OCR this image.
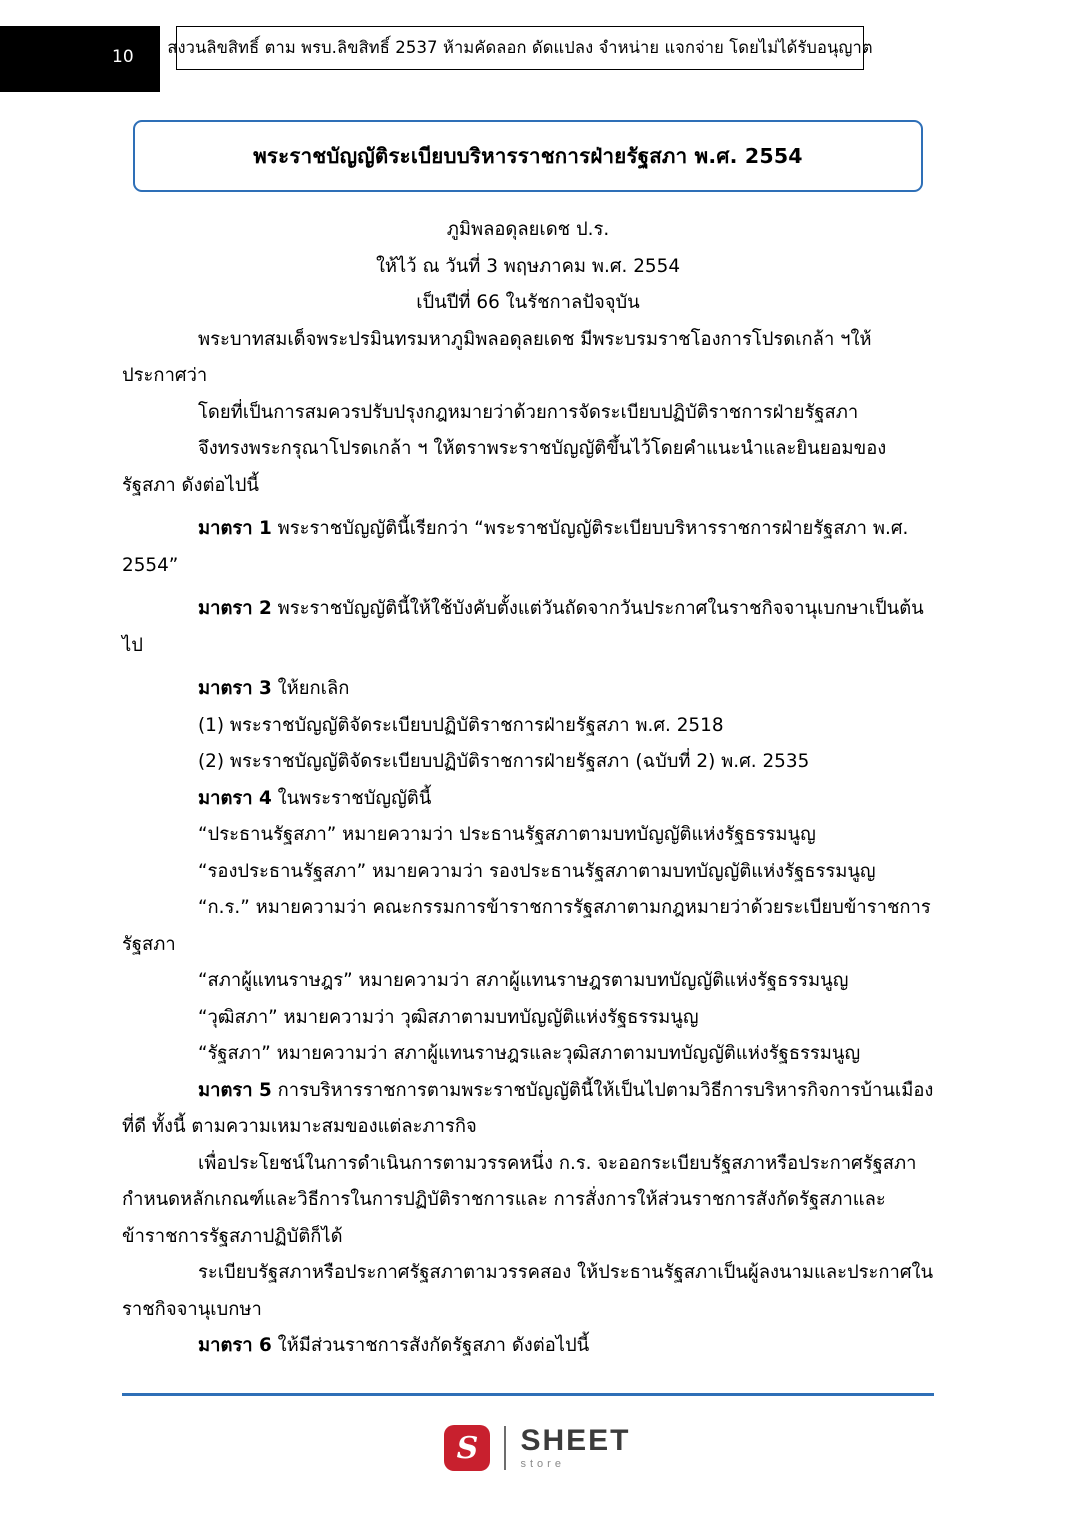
10 สงวนลิขสิทธิ์ ตาม พรบ.ลิขสิทธิ์ 2537 ห้ามคัดลอก ดัดแปลง จำหน่าย แจกจ่าย โดยไม่ได้รับอนุญาต
พระราชบัญญัติระเบียบบริหารราชการฝ่ายรัฐสภา พ.ศ. 2554
ภูมิพลอดุลยเดช ป.ร.
ให้ไว้ ณ วันที่ 3 พฤษภาคม พ.ศ. 2554
เป็นปีที่ 66 ในรัชกาลปัจจุบัน
พระบาทสมเด็จพระปรมินทรมหาภูมิพลอดุลยเดช มีพระบรมราชโองการโปรดเกล้า ฯให้ประกาศว่า
โดยที่เป็นการสมควรปรับปรุงกฎหมายว่าด้วยการจัดระเบียบปฏิบัติราชการฝ่ายรัฐสภา
จึงทรงพระกรุณาโปรดเกล้า ฯ ให้ตราพระราชบัญญัติขึ้นไว้โดยคำแนะนำและยินยอมของรัฐสภา ดังต่อไปนี้
มาตรา 1 พระราชบัญญัตินี้เรียกว่า “พระราชบัญญัติระเบียบบริหารราชการฝ่ายรัฐสภา พ.ศ. 2554”
มาตรา 2 พระราชบัญญัตินี้ให้ใช้บังคับตั้งแต่วันถัดจากวันประกาศในราชกิจจานุเบกษาเป็นต้นไป
มาตรา 3 ให้ยกเลิก
(1) พระราชบัญญัติจัดระเบียบปฏิบัติราชการฝ่ายรัฐสภา พ.ศ. 2518
(2) พระราชบัญญัติจัดระเบียบปฏิบัติราชการฝ่ายรัฐสภา (ฉบับที่ 2) พ.ศ. 2535
มาตรา 4 ในพระราชบัญญัตินี้
“ประธานรัฐสภา” หมายความว่า ประธานรัฐสภาตามบทบัญญัติแห่งรัฐธรรมนูญ
“รองประธานรัฐสภา” หมายความว่า รองประธานรัฐสภาตามบทบัญญัติแห่งรัฐธรรมนูญ
“ก.ร.” หมายความว่า คณะกรรมการข้าราชการรัฐสภาตามกฎหมายว่าด้วยระเบียบข้าราชการรัฐสภา
“สภาผู้แทนราษฎร” หมายความว่า สภาผู้แทนราษฎรตามบทบัญญัติแห่งรัฐธรรมนูญ
“วุฒิสภา” หมายความว่า วุฒิสภาตามบทบัญญัติแห่งรัฐธรรมนูญ
“รัฐสภา” หมายความว่า สภาผู้แทนราษฎรและวุฒิสภาตามบทบัญญัติแห่งรัฐธรรมนูญ
มาตรา 5 การบริหารราชการตามพระราชบัญญัตินี้ให้เป็นไปตามวิธีการบริหารกิจการบ้านเมืองที่ดี ทั้งนี้ ตามความเหมาะสมของแต่ละภารกิจ
เพื่อประโยชน์ในการดำเนินการตามวรรคหนึ่ง ก.ร. จะออกระเบียบรัฐสภาหรือประกาศรัฐสภากำหนดหลักเกณฑ์และวิธีการในการปฏิบัติราชการและ การสั่งการให้ส่วนราชการสังกัดรัฐสภาและข้าราชการรัฐสภาปฏิบัติก็ได้
ระเบียบรัฐสภาหรือประกาศรัฐสภาตามวรรคสอง ให้ประธานรัฐสภาเป็นผู้ลงนามและประกาศในราชกิจจานุเบกษา
มาตรา 6 ให้มีส่วนราชการสังกัดรัฐสภา ดังต่อไปนี้
S	SHEET
store
